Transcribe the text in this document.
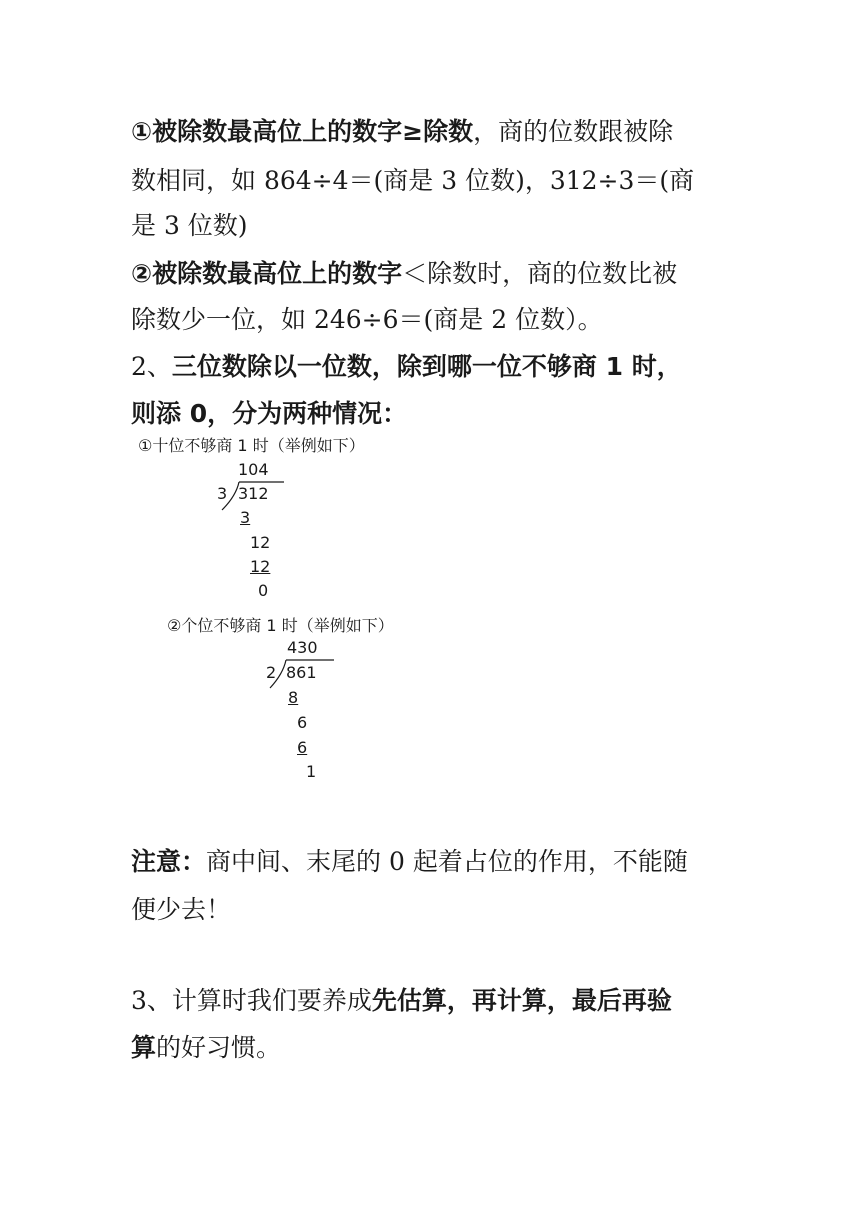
①被除数最高位上的数字≥除数，商的位数跟被除
数相同，如 864÷4＝(商是 3 位数)，312÷3＝(商
是 3 位数)
②被除数最高位上的数字＜除数时，商的位数比被
除数少一位，如 246÷6＝(商是 2 位数）。
2、三位数除以一位数，除到哪一位不够商 1 时，
则添 0，分为两种情况：
①十位不够商 1 时（举例如下）
104
3 312
3
12
12
0
②个位不够商 1 时（举例如下）
430
2 861
8
6
6
1
注意：商中间、末尾的 0 起着占位的作用，不能随
便少去！
3、计算时我们要养成先估算，再计算，最后再验
算的好习惯。
